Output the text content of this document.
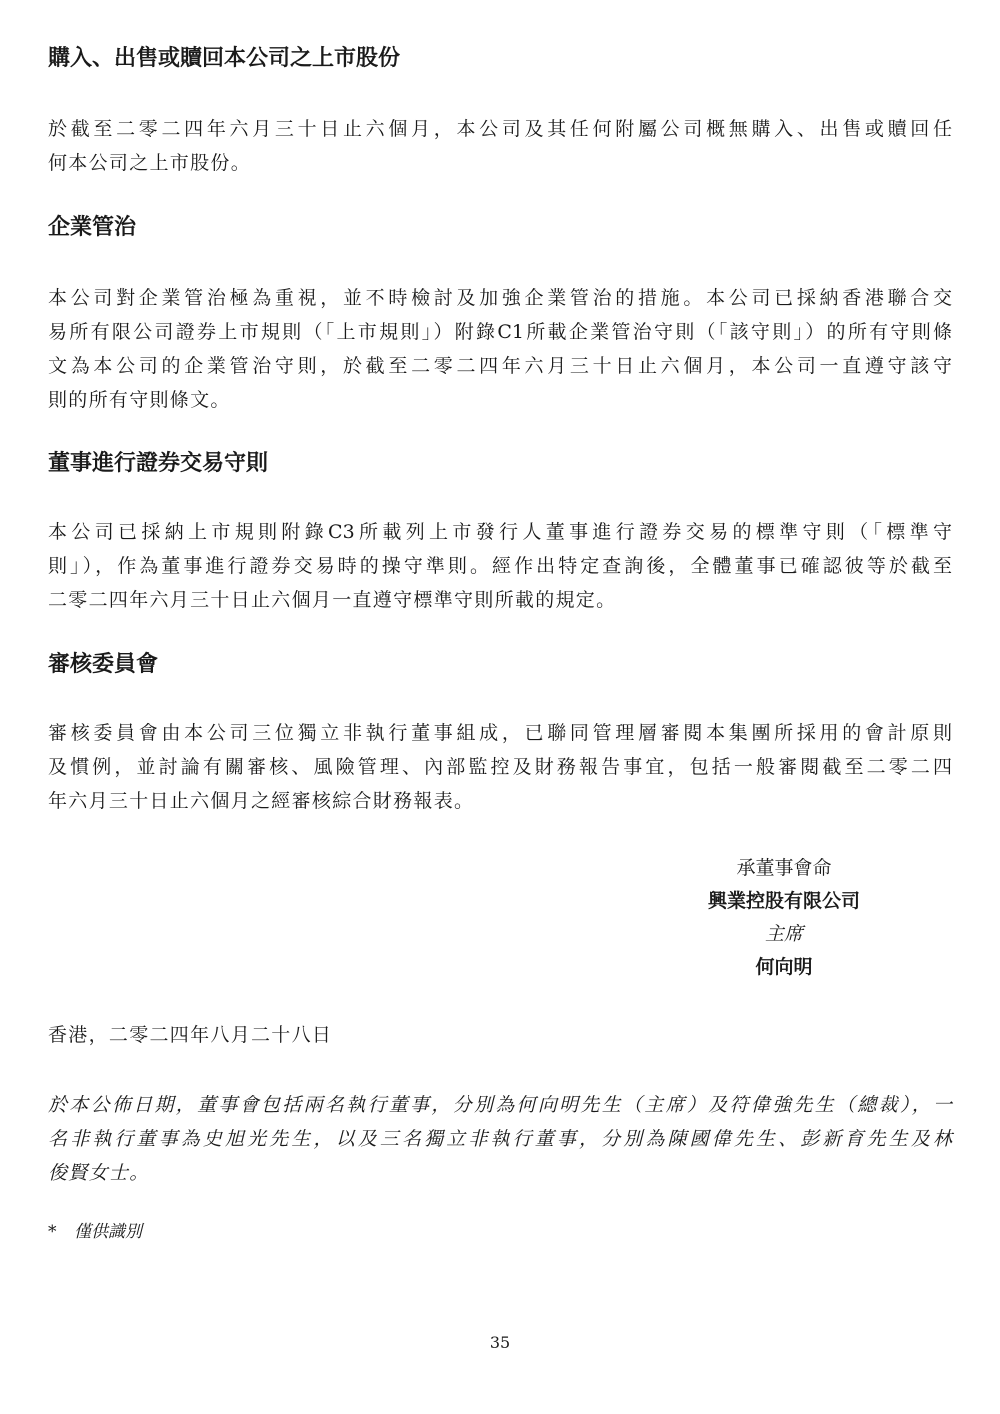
購入、出售或贖回本公司之上市股份
於截至二零二四年六月三十日止六個月，本公司及其任何附屬公司概無購入、出售或贖回任
何本公司之上市股份。
企業管治
本公司對企業管治極為重視，並不時檢討及加強企業管治的措施。本公司已採納香港聯合交
易所有限公司證券上市規則（「上市規則」）附錄C1所載企業管治守則（「該守則」）的所有守則條
文為本公司的企業管治守則，於截至二零二四年六月三十日止六個月，本公司一直遵守該守
則的所有守則條文。
董事進行證券交易守則
本公司已採納上市規則附錄C3所載列上市發行人董事進行證券交易的標準守則（「標準守
則」），作為董事進行證券交易時的操守準則。經作出特定查詢後，全體董事已確認彼等於截至
二零二四年六月三十日止六個月一直遵守標準守則所載的規定。
審核委員會
審核委員會由本公司三位獨立非執行董事組成，已聯同管理層審閱本集團所採用的會計原則
及慣例，並討論有關審核、風險管理、內部監控及財務報告事宜，包括一般審閱截至二零二四
年六月三十日止六個月之經審核綜合財務報表。
承董事會命
興業控股有限公司
主席
何向明
香港，二零二四年八月二十八日
於本公佈日期，董事會包括兩名執行董事，分別為何向明先生（主席）及符偉強先生（總裁），一
名非執行董事為史旭光先生，以及三名獨立非執行董事，分別為陳國偉先生、彭新育先生及林
俊賢女士。
* 僅供識別
35
